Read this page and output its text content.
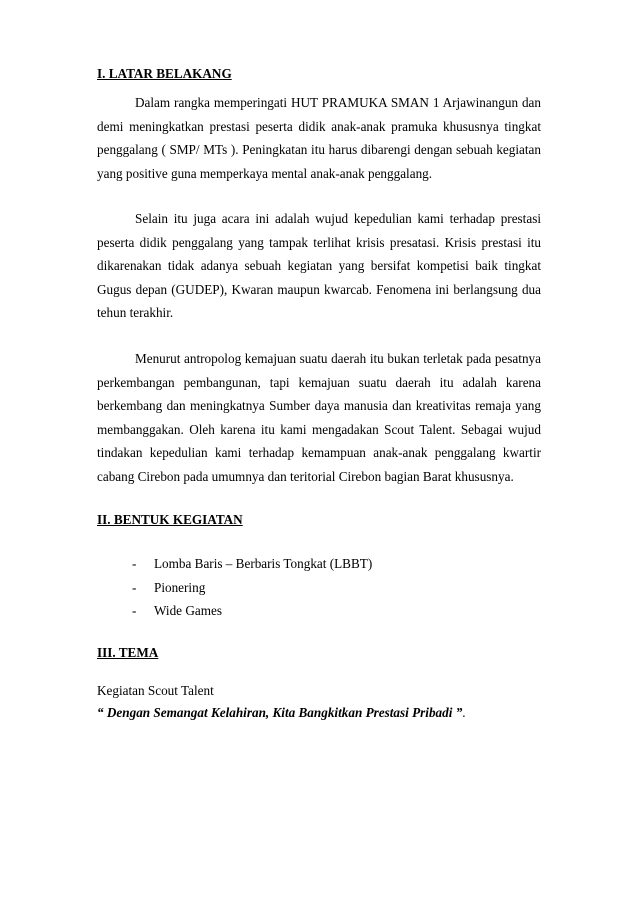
I. LATAR BELAKANG

Dalam rangka memperingati HUT PRAMUKA SMAN 1 Arjawinangun dan demi meningkatkan prestasi peserta didik anak-anak pramuka khususnya tingkat penggalang ( SMP/ MTs ). Peningkatan itu harus dibarengi dengan sebuah kegiatan yang positive guna memperkaya mental anak-anak penggalang.

Selain itu juga acara ini adalah wujud kepedulian kami terhadap prestasi peserta didik penggalang yang tampak terlihat krisis presatasi. Krisis prestasi itu dikarenakan tidak adanya sebuah kegiatan yang bersifat kompetisi baik tingkat Gugus depan (GUDEP), Kwaran maupun kwarcab. Fenomena ini berlangsung dua tehun terakhir.

Menurut antropolog kemajuan suatu daerah itu bukan terletak pada pesatnya perkembangan pembangunan, tapi kemajuan suatu daerah itu adalah karena berkembang dan meningkatnya Sumber daya manusia dan kreativitas remaja yang membanggakan. Oleh karena itu kami mengadakan Scout Talent. Sebagai wujud tindakan kepedulian kami terhadap kemampuan anak-anak penggalang kwartir cabang Cirebon pada umumnya dan teritorial Cirebon bagian Barat khususnya.

II. BENTUK KEGIATAN
- Lomba Baris – Berbaris Tongkat (LBBT)
- Pionering
- Wide Games
III. TEMA
Kegiatan Scout Talent
“ Dengan Semangat Kelahiran, Kita Bangkitkan Prestasi Pribadi ”.
